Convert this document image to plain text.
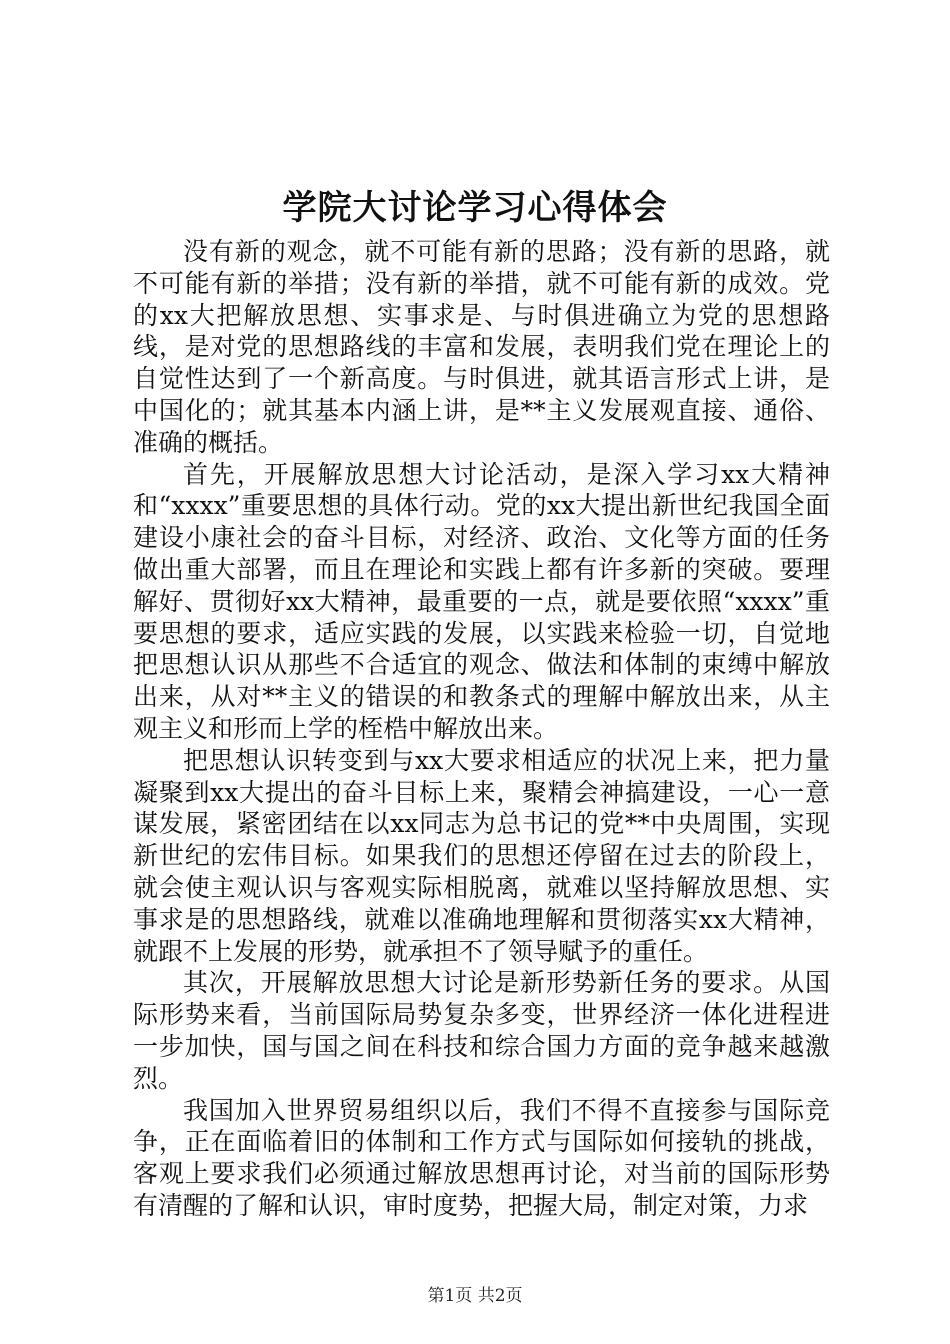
学院大讨论学习心得体会

没有新的观念，就不可能有新的思路；没有新的思路，就不可能有新的举措；没有新的举措，就不可能有新的成效。党的xx大把解放思想、实事求是、与时俱进确立为党的思想路线，是对党的思想路线的丰富和发展，表明我们党在理论上的自觉性达到了一个新高度。与时俱进，就其语言形式上讲，是中国化的；就其基本内涵上讲，是**主义发展观直接、通俗、准确的概括。

首先，开展解放思想大讨论活动，是深入学习xx大精神和“xxxx”重要思想的具体行动。党的xx大提出新世纪我国全面建设小康社会的奋斗目标，对经济、政治、文化等方面的任务做出重大部署，而且在理论和实践上都有许多新的突破。要理解好、贯彻好xx大精神，最重要的一点，就是要依照“xxxx”重要思想的要求，适应实践的发展，以实践来检验一切，自觉地把思想认识从那些不合适宜的观念、做法和体制的束缚中解放出来，从对**主义的错误的和教条式的理解中解放出来，从主观主义和形而上学的桎梏中解放出来。

把思想认识转变到与xx大要求相适应的状况上来，把力量凝聚到xx大提出的奋斗目标上来，聚精会神搞建设，一心一意谋发展，紧密团结在以xx同志为总书记的党**中央周围，实现新世纪的宏伟目标。如果我们的思想还停留在过去的阶段上，就会使主观认识与客观实际相脱离，就难以坚持解放思想、实事求是的思想路线，就难以准确地理解和贯彻落实xx大精神，就跟不上发展的形势，就承担不了领导赋予的重任。

其次，开展解放思想大讨论是新形势新任务的要求。从国际形势来看，当前国际局势复杂多变，世界经济一体化进程进一步加快，国与国之间在科技和综合国力方面的竞争越来越激烈。

我国加入世界贸易组织以后，我们不得不直接参与国际竞争，正在面临着旧的体制和工作方式与国际如何接轨的挑战，客观上要求我们必须通过解放思想再讨论，对当前的国际形势有清醒的了解和认识，审时度势，把握大局，制定对策，力求

第1页 共2页
